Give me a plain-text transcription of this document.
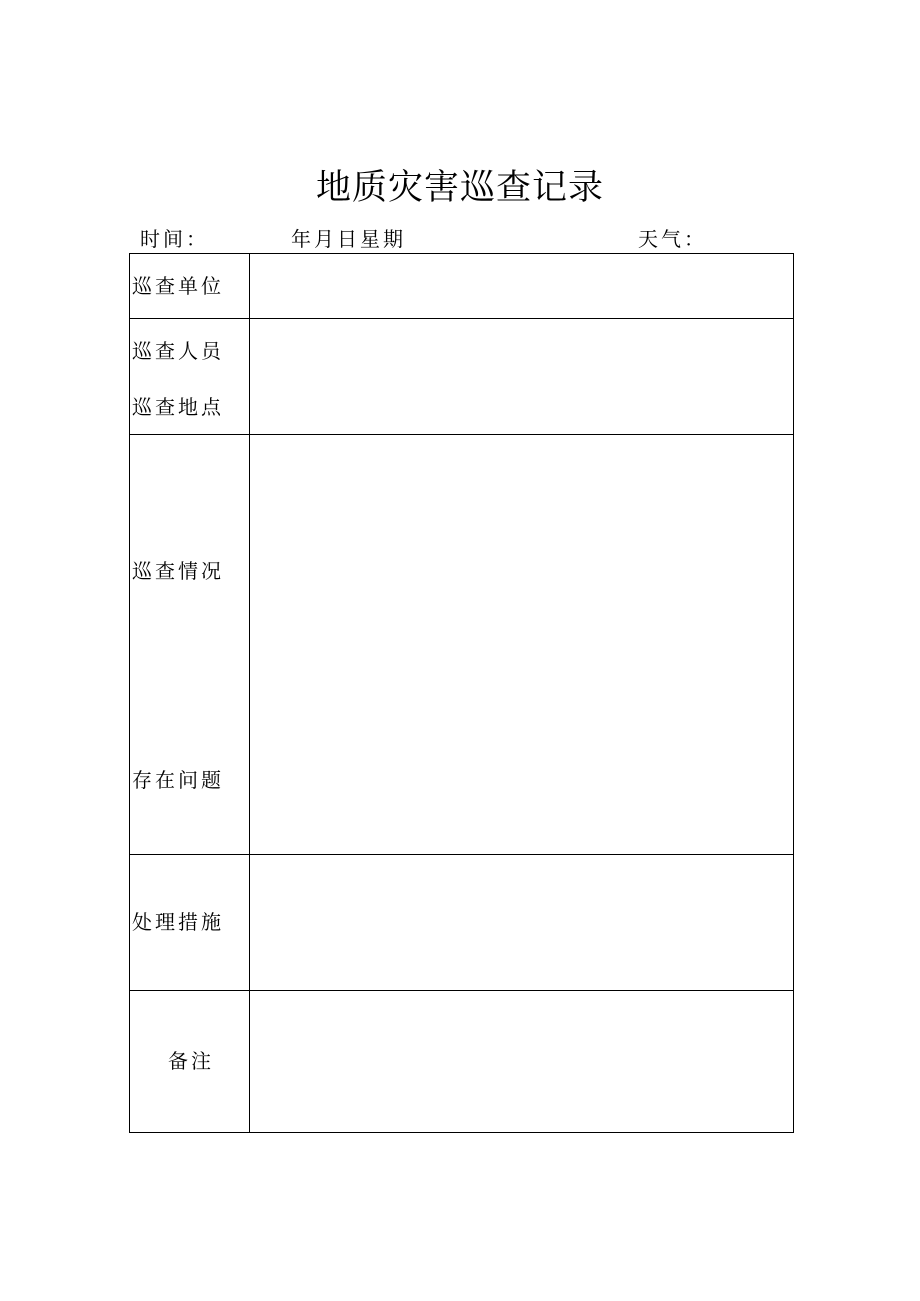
地质灾害巡查记录
时间：	年月日星期	天气：
巡查单位
巡查人员
巡查地点
巡查情况
存在问题
处理措施
备注
